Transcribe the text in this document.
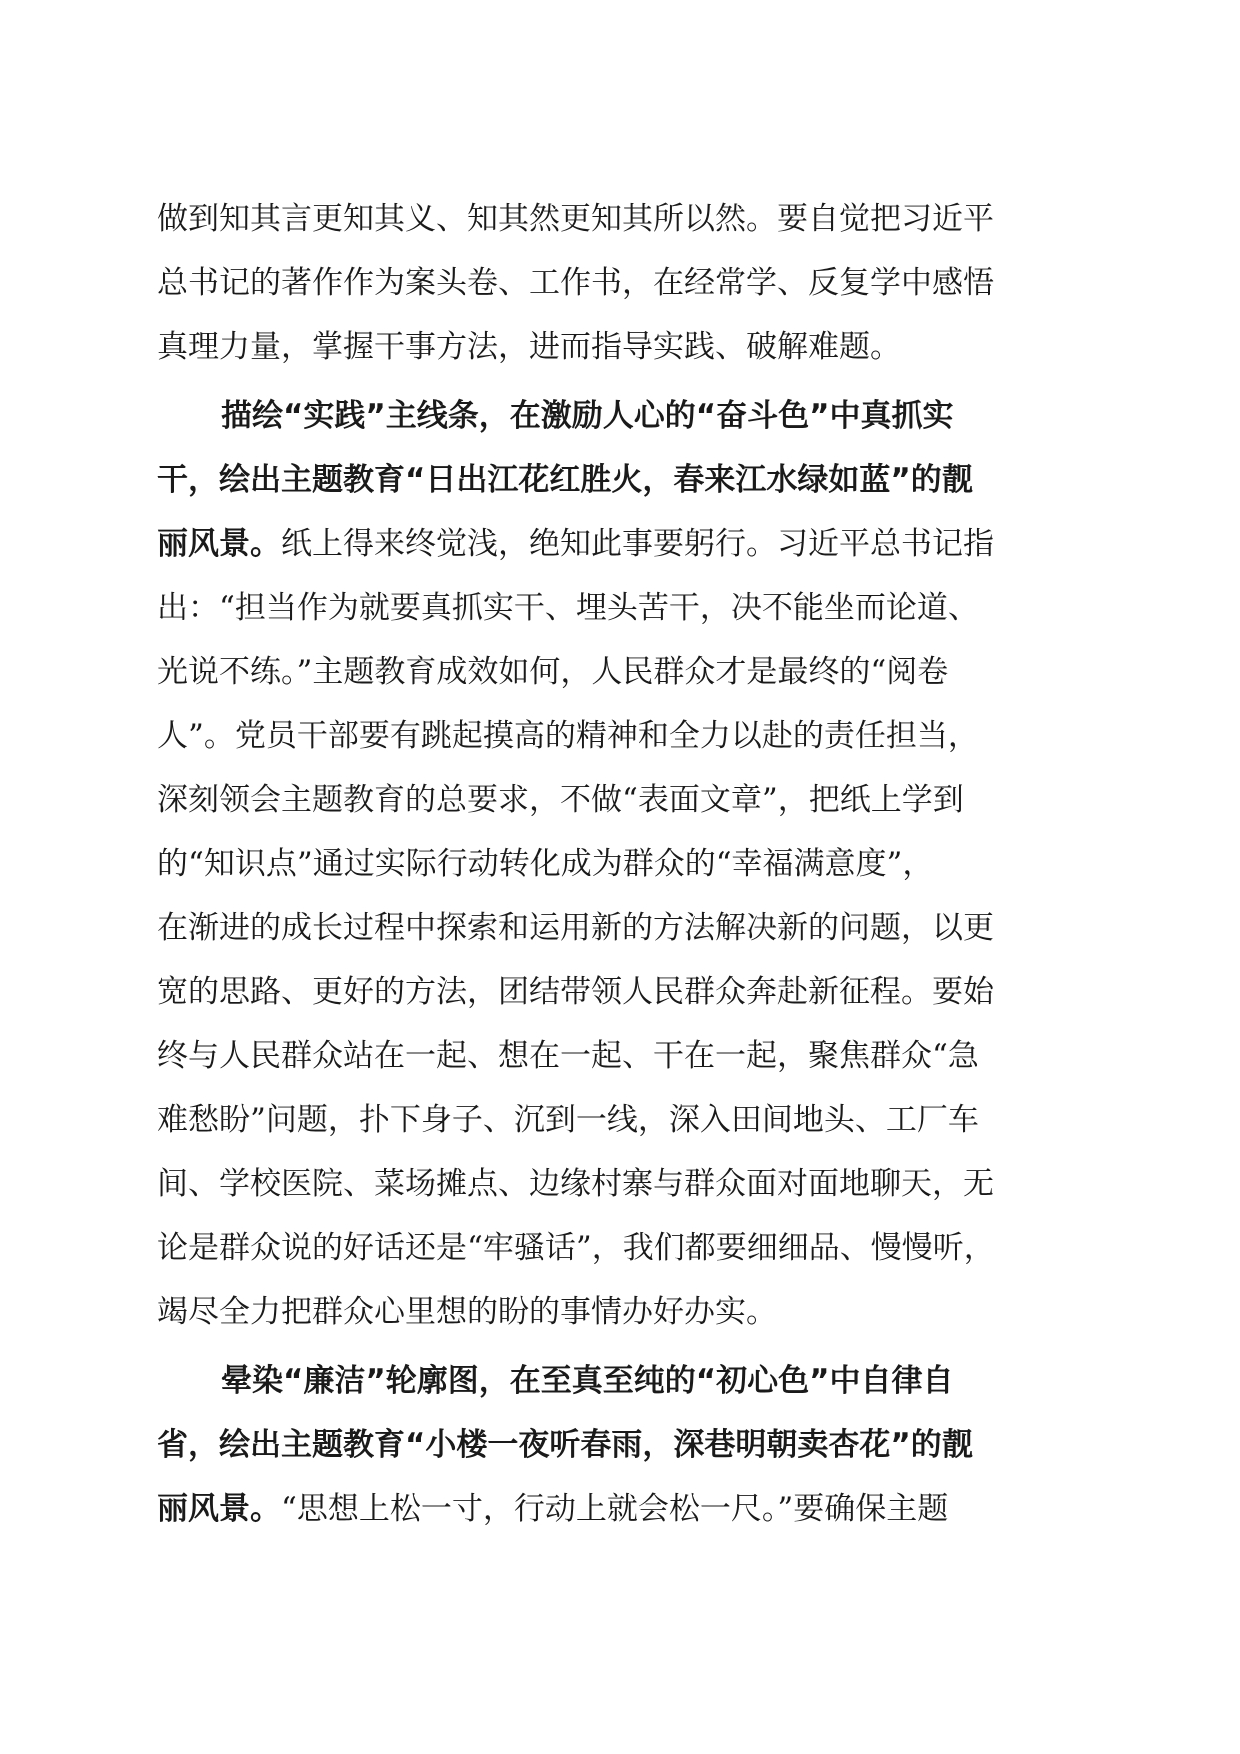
做到知其言更知其义、知其然更知其所以然。要自觉把习近平
总书记的著作作为案头卷、工作书，在经常学、反复学中感悟
真理力量，掌握干事方法，进而指导实践、破解难题。
描绘“实践”主线条，在激励人心的“奋斗色”中真抓实
干，绘出主题教育“日出江花红胜火，春来江水绿如蓝”的靓
丽风景。纸上得来终觉浅，绝知此事要躬行。习近平总书记指
出：“担当作为就要真抓实干、埋头苦干，决不能坐而论道、
光说不练。”主题教育成效如何，人民群众才是最终的“阅卷
人”。党员干部要有跳起摸高的精神和全力以赴的责任担当，
深刻领会主题教育的总要求，不做“表面文章”，把纸上学到
的“知识点”通过实际行动转化成为群众的“幸福满意度”，
在渐进的成长过程中探索和运用新的方法解决新的问题，以更
宽的思路、更好的方法，团结带领人民群众奔赴新征程。要始
终与人民群众站在一起、想在一起、干在一起，聚焦群众“急
难愁盼”问题，扑下身子、沉到一线，深入田间地头、工厂车
间、学校医院、菜场摊点、边缘村寨与群众面对面地聊天，无
论是群众说的好话还是“牢骚话”，我们都要细细品、慢慢听，
竭尽全力把群众心里想的盼的事情办好办实。
晕染“廉洁”轮廓图，在至真至纯的“初心色”中自律自
省，绘出主题教育“小楼一夜听春雨，深巷明朝卖杏花”的靓
丽风景。“思想上松一寸，行动上就会松一尺。”要确保主题
